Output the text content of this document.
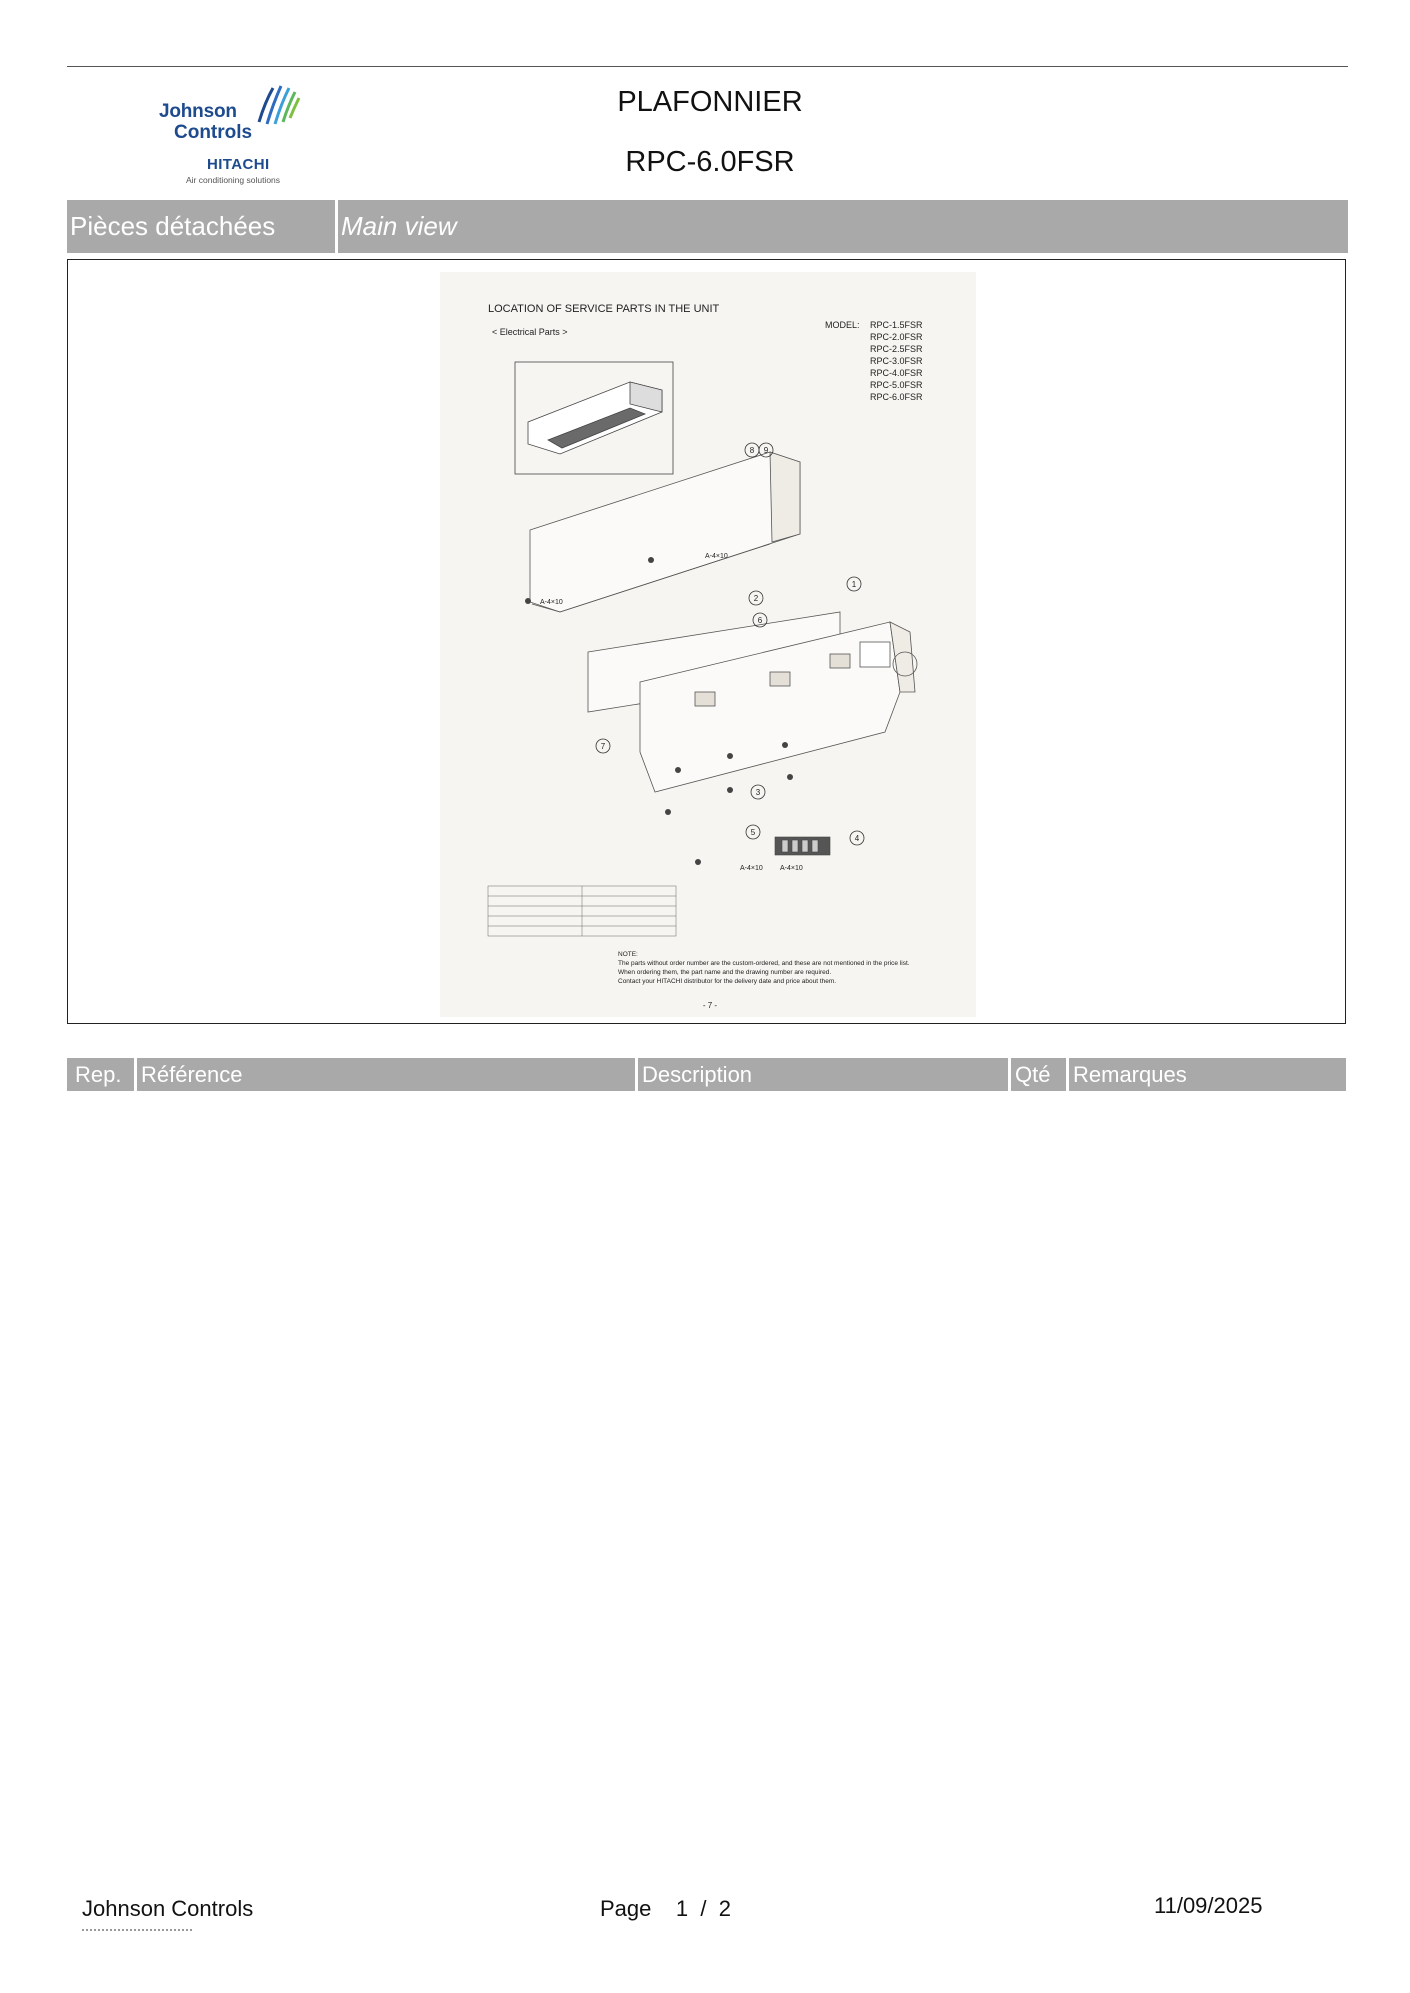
Johnson
Controls
HITACHI
Air conditioning solutions
PLAFONNIER
RPC-6.0FSR
Pièces détachées	Main view
LOCATION OF SERVICE PARTS IN THE UNIT
< Electrical Parts >
MODEL: RPC-1.5FSR
RPC-2.0FSR
RPC-2.5FSR
RPC-3.0FSR
RPC-4.0FSR
RPC-5.0FSR
RPC-6.0FSR
8 9
1
2
6
7
3
5
4
A-4×10
A-4×10
A-4×10 A-4×10
NOTE:
The parts without order number are the custom-ordered, and these are not mentioned in the price list.
When ordering them, the part name and the drawing number are required.
Contact your HITACHI distributor for the delivery date and price about them.
- 7 -
Rep. Référence	Description	Qté	Remarques
Johnson Controls	Page 1 / 2	11/09/2025
